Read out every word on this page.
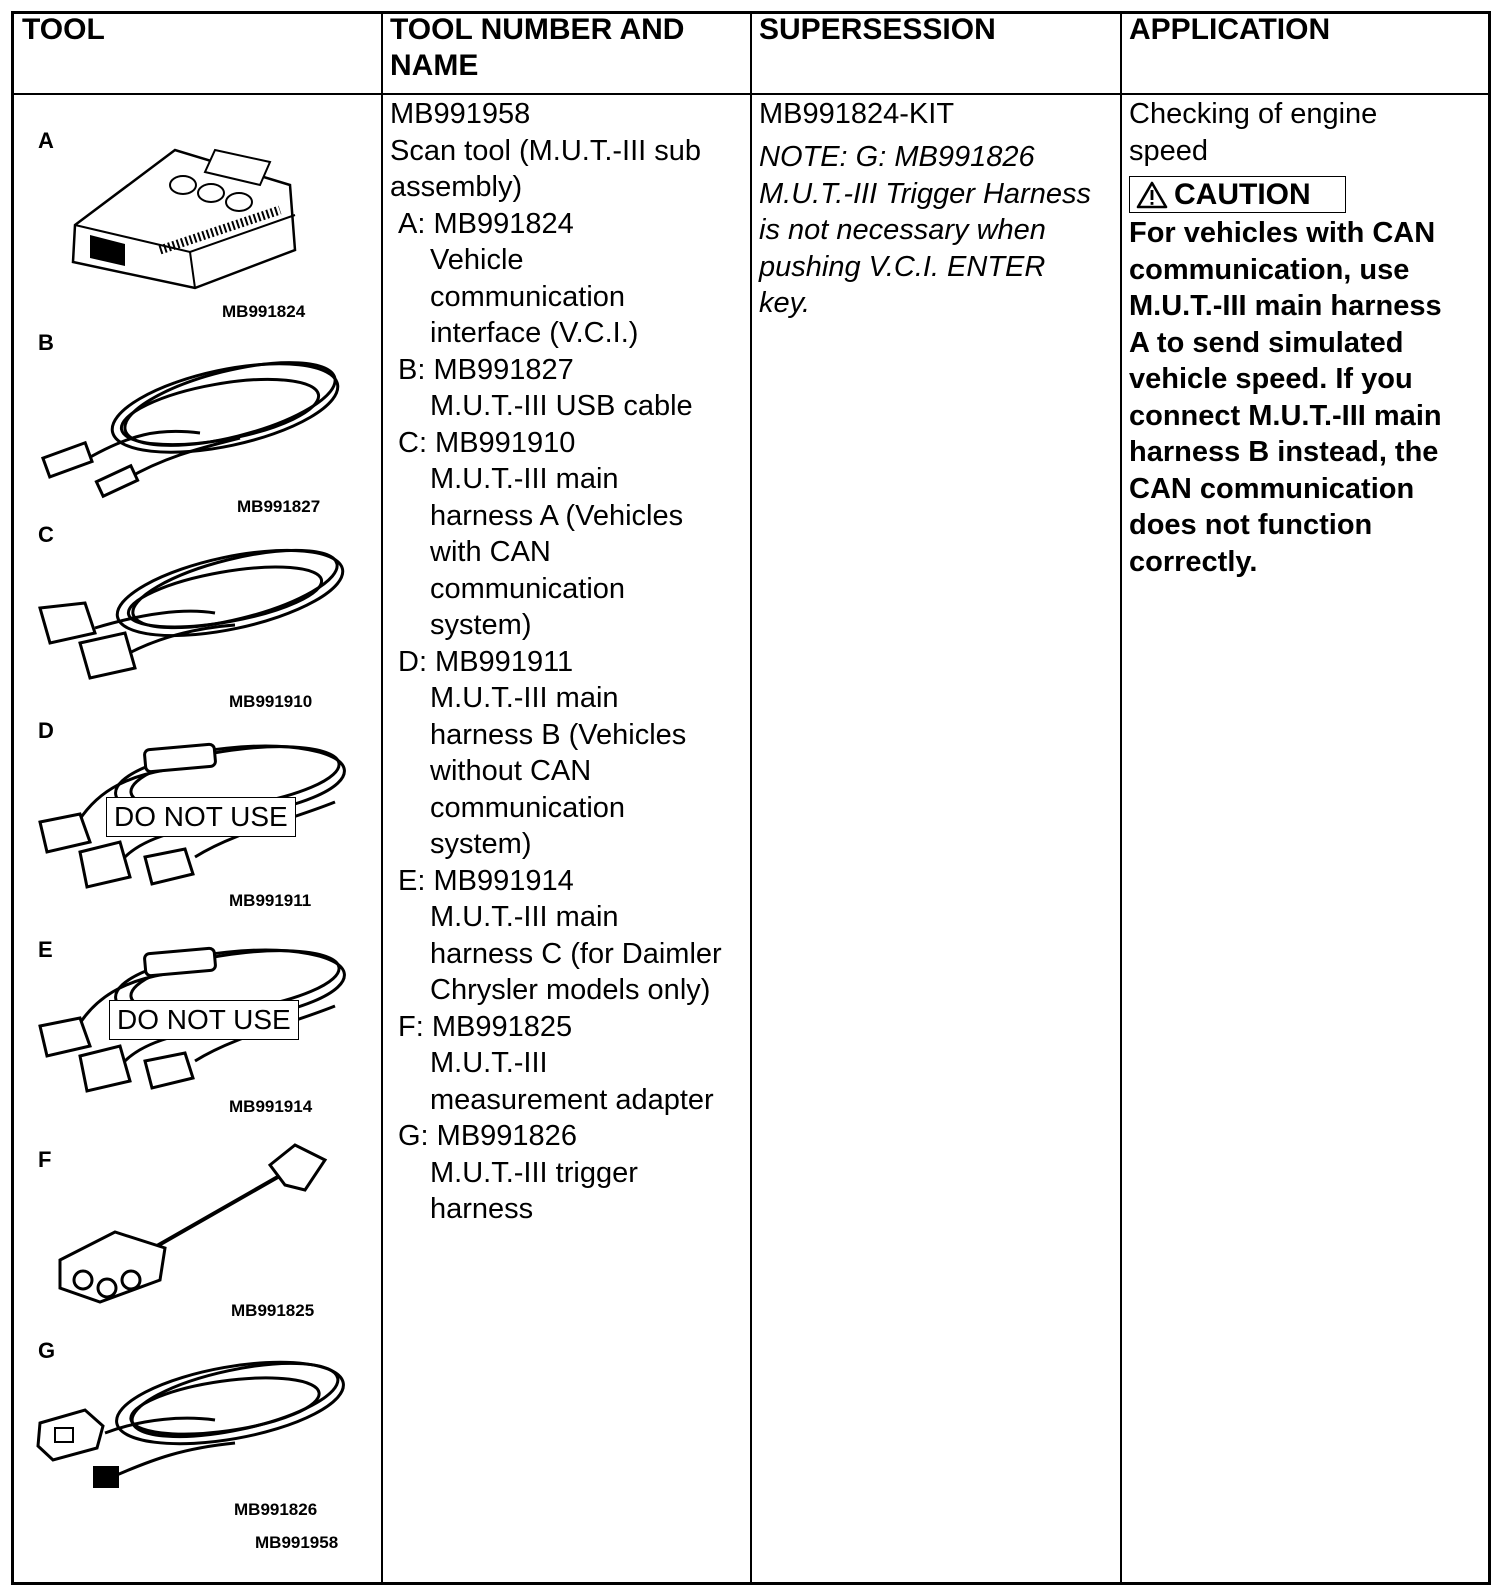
TOOL	TOOL NUMBER AND
NAME
SUPERSESSION	APPLICATION
MB991958
Scan tool (M.U.T.-III sub
assembly)
A: MB991824
Vehicle
communication
interface (V.C.I.)
B: MB991827
M.U.T.-III USB cable
C: MB991910
M.U.T.-III main
harness A (Vehicles
with CAN
communication
system)
D: MB991911
M.U.T.-III main
harness B (Vehicles
without CAN
communication
system)
E: MB991914
M.U.T.-III main
harness C (for Daimler
Chrysler models only)
F: MB991825
M.U.T.-III
measurement adapter
G: MB991826
M.U.T.-III trigger
harness
MB991824-KIT
NOTE: G: MB991826
M.U.T.-III Trigger Harness
is not necessary when
pushing V.C.I. ENTER
key.
Checking of engine
speed
CAUTION
For vehicles with CAN
communication, use
M.U.T.-III main harness
A to send simulated
vehicle speed. If you
connect M.U.T.-III main
harness B instead, the
CAN communication
does not function
correctly.
A
MB991824
B
MB991827
C
MB991910
D
MB991911
E
MB991914
F
MB991825
G
MB991826
MB991958
DO NOT USE
DO NOT USE
